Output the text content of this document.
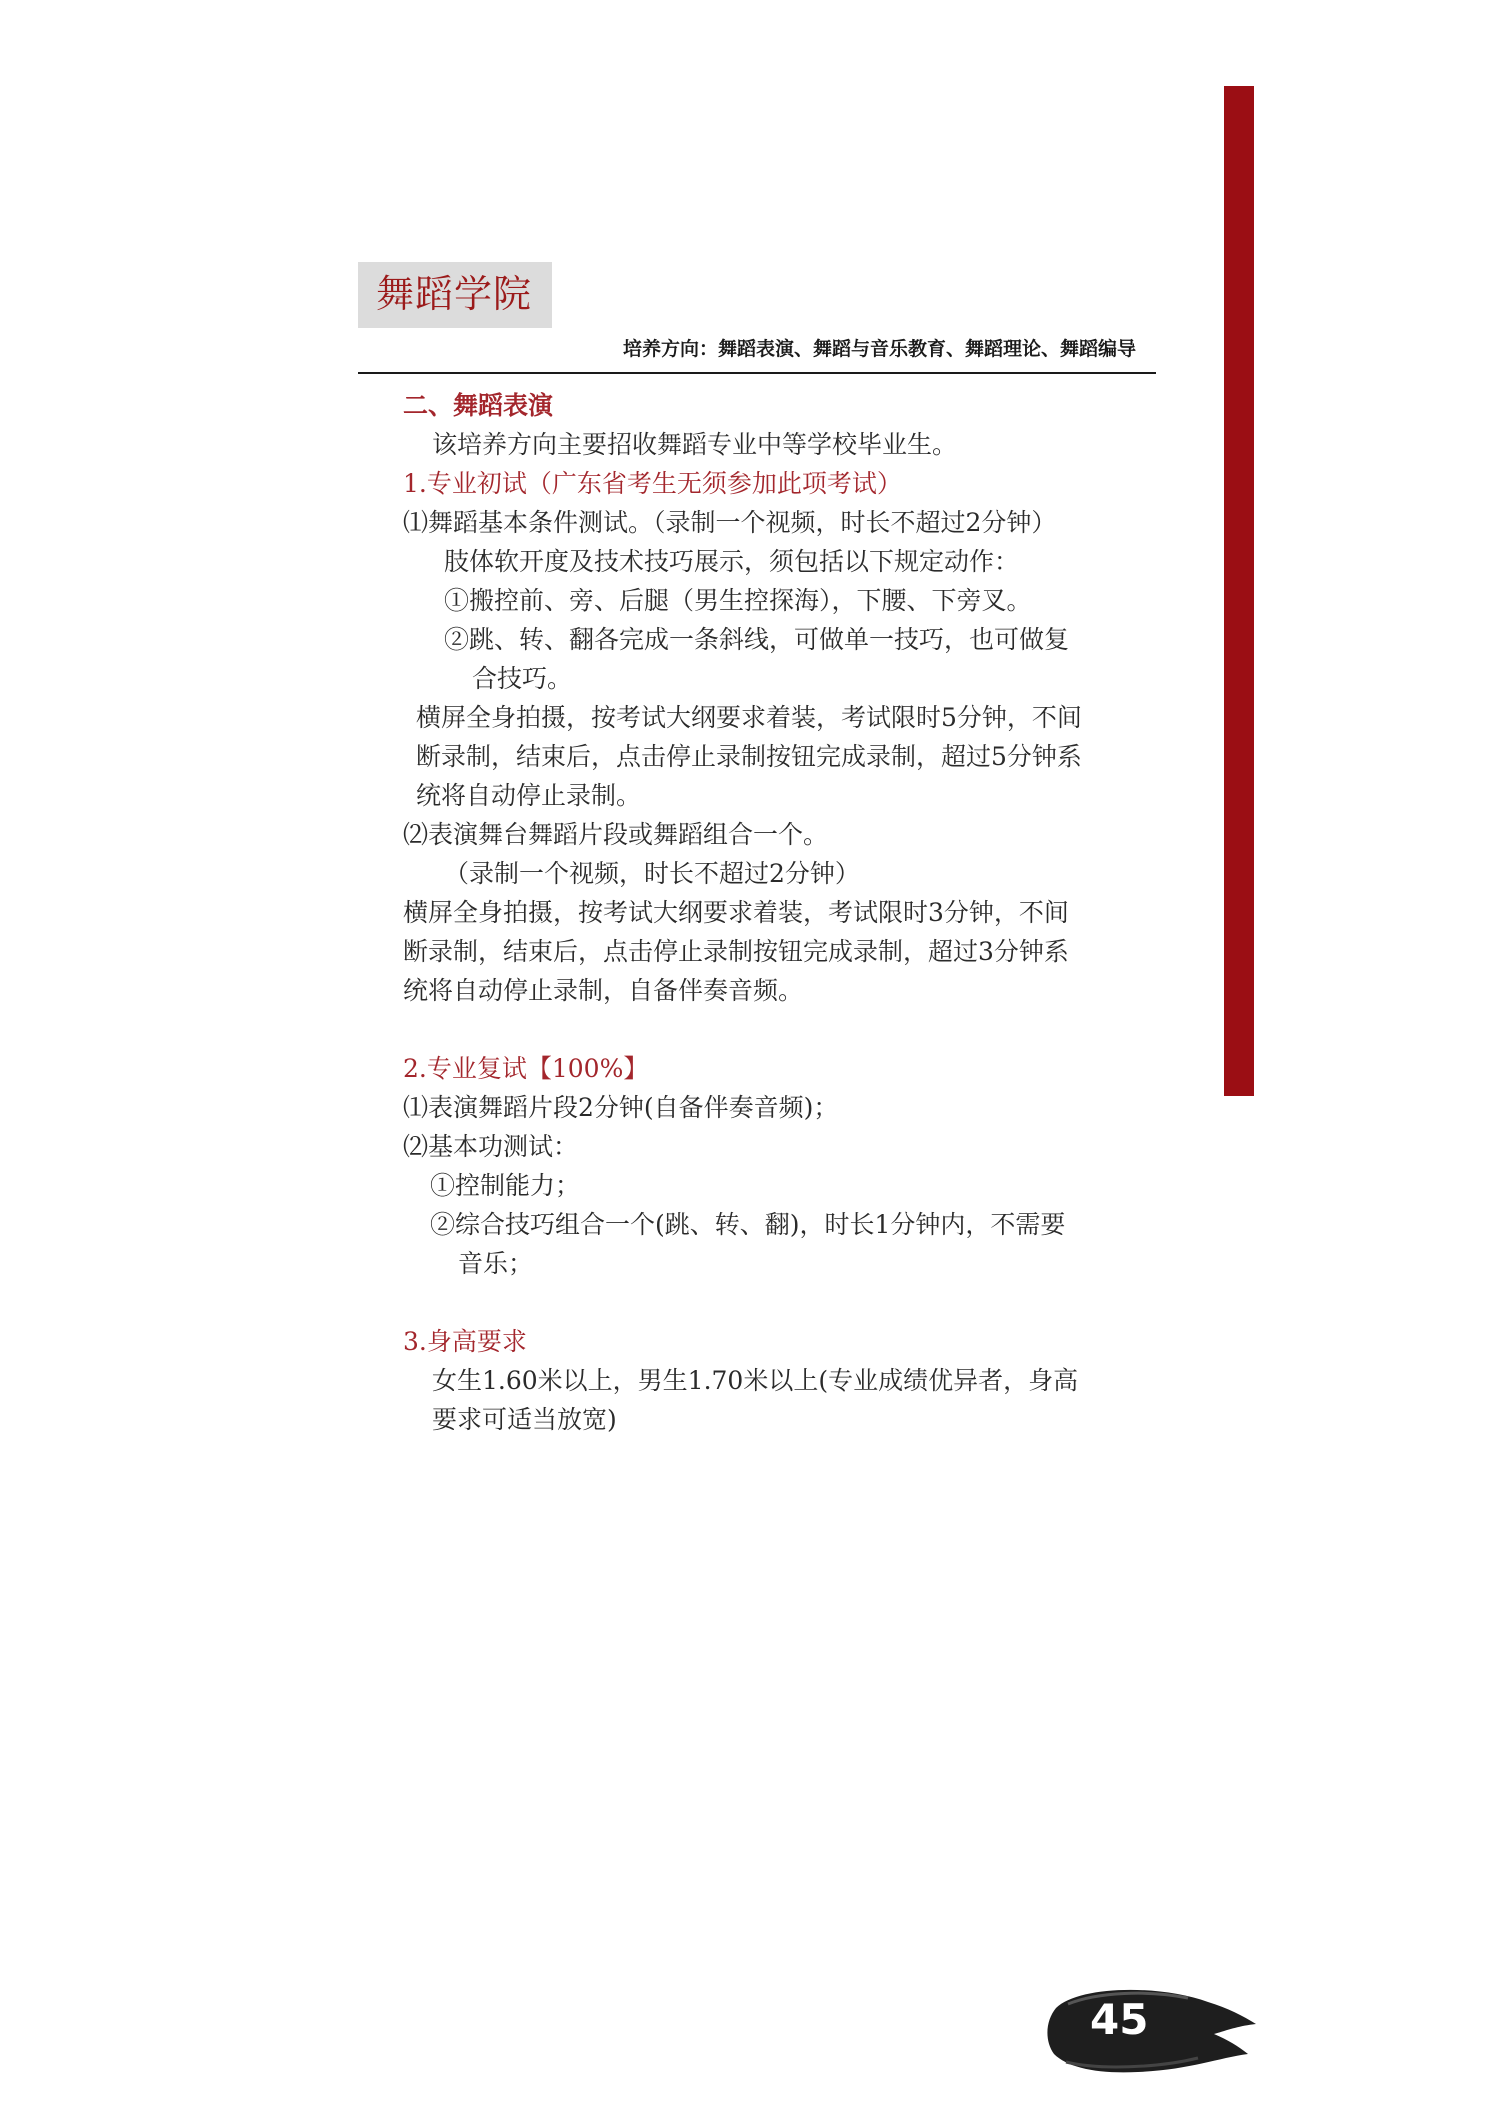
舞蹈学院
培养方向：舞蹈表演、舞蹈与音乐教育、舞蹈理论、舞蹈编导
二、舞蹈表演
该培养方向主要招收舞蹈专业中等学校毕业生。
1.专业初试（广东省考生无须参加此项考试）
⑴舞蹈基本条件测试。（录制一个视频，时长不超过2分钟）
肢体软开度及技术技巧展示，须包括以下规定动作：
①搬控前、旁、后腿（男生控探海），下腰、下旁叉。
②跳、转、翻各完成一条斜线，可做单一技巧，也可做复
合技巧。
横屏全身拍摄，按考试大纲要求着装，考试限时5分钟，不间
断录制，结束后，点击停止录制按钮完成录制，超过5分钟系
统将自动停止录制。
⑵表演舞台舞蹈片段或舞蹈组合一个。
（录制一个视频，时长不超过2分钟）
横屏全身拍摄，按考试大纲要求着装，考试限时3分钟，不间
断录制，结束后，点击停止录制按钮完成录制，超过3分钟系
统将自动停止录制，自备伴奏音频。
2.专业复试【100%】
⑴表演舞蹈片段2分钟(自备伴奏音频)；
⑵基本功测试：
①控制能力；
②综合技巧组合一个(跳、转、翻)，时长1分钟内，不需要
音乐；
3.身高要求
女生1.60米以上，男生1.70米以上(专业成绩优异者，身高
要求可适当放宽)
45
